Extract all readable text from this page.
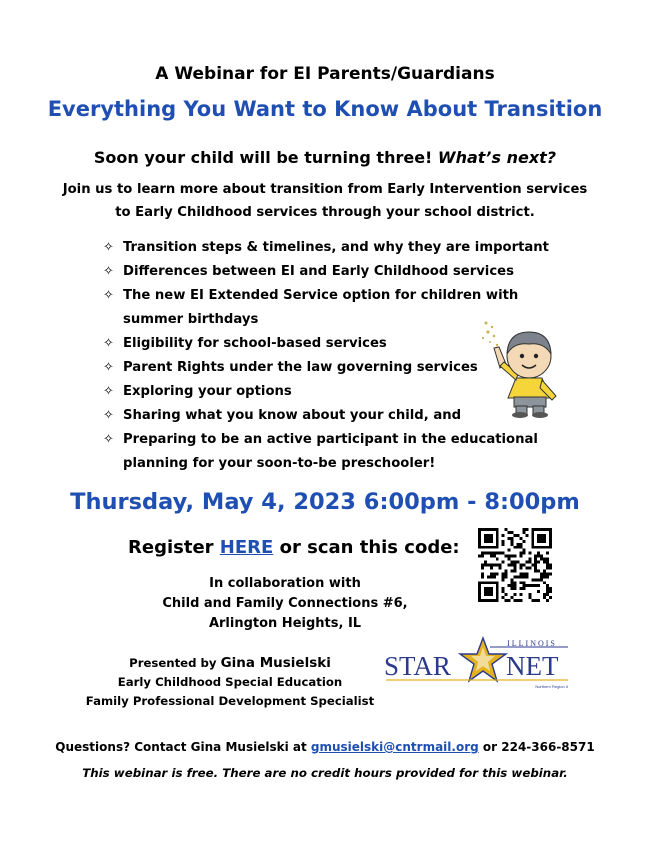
A Webinar for EI Parents/Guardians
Everything You Want to Know About Transition
Soon your child will be turning three! What’s next?
Join us to learn more about transition from Early Intervention services
to Early Childhood services through your school district.
✧ Transition steps & timelines, and why they are important
✧ Differences between EI and Early Childhood services
✧ The new EI Extended Service option for children with
summer birthdays
✧ Eligibility for school-based services
✧ Parent Rights under the law governing services
✧ Exploring your options
✧ Sharing what you know about your child, and
✧ Preparing to be an active participant in the educational
planning for your soon-to-be preschooler!
Thursday, May 4, 2023 6:00pm - 8:00pm
Register HERE or scan this code:
In collaboration with
Child and Family Connections #6,
Arlington Heights, IL
Presented by Gina Musielski
Early Childhood Special Education
Family Professional Development Specialist
ILLINOIS
STAR NET
Northern Region II
Questions? Contact Gina Musielski at gmusielski@cntrmail.org or 224-366-8571
This webinar is free. There are no credit hours provided for this webinar.
